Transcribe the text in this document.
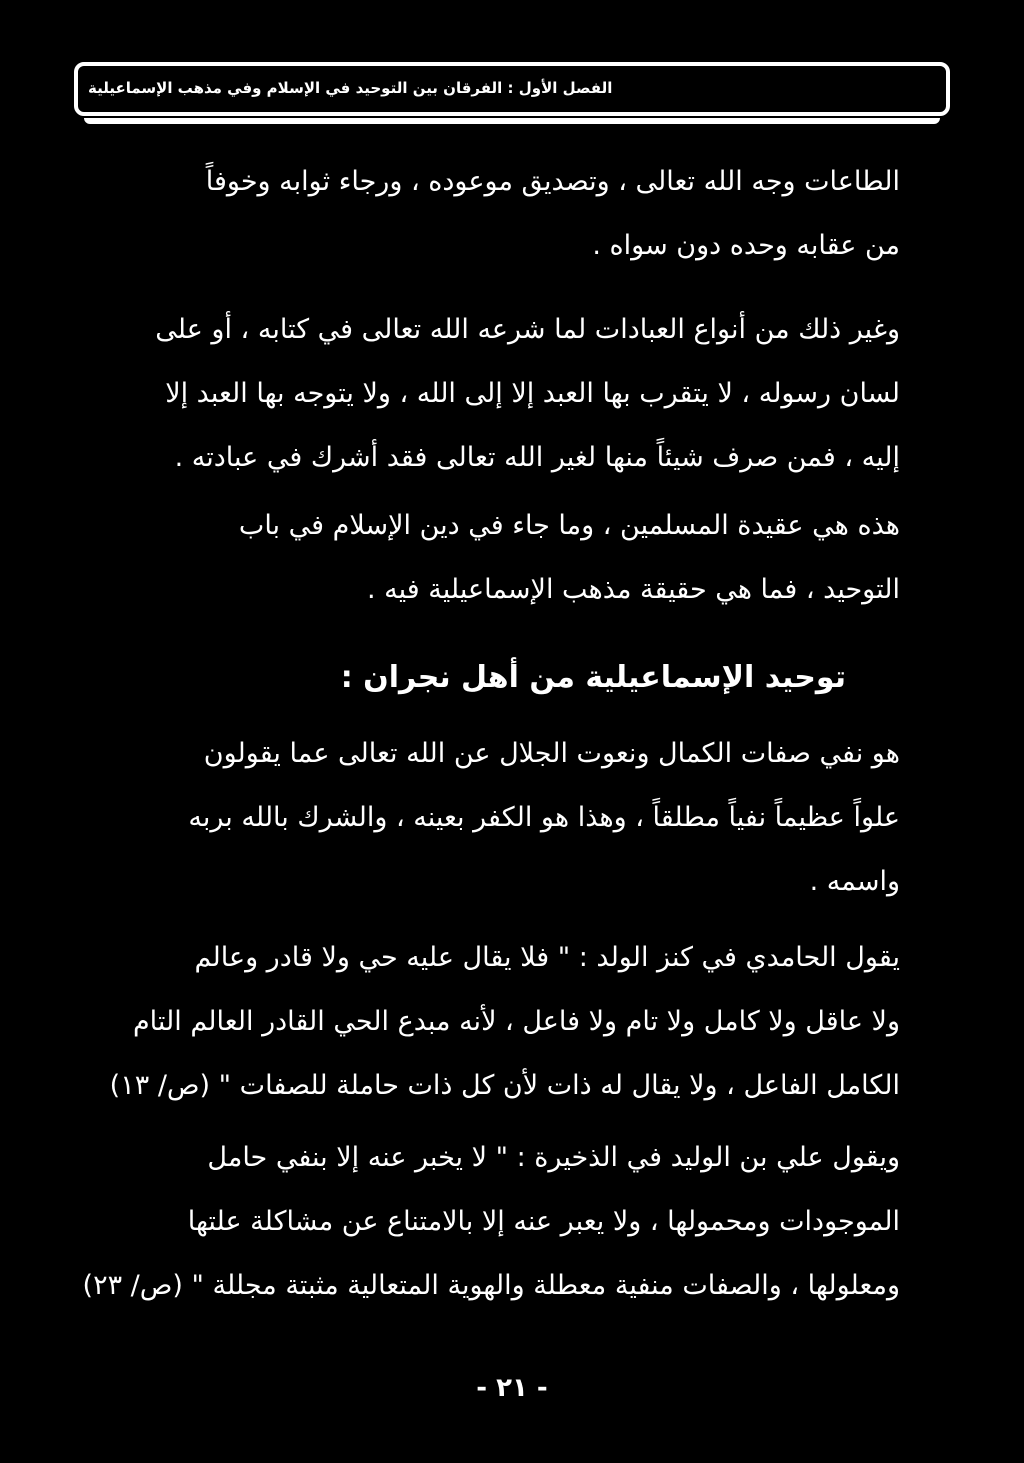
الفصل الأول : الفرقان بين التوحيد في الإسلام وفي مذهب الإسماعيلية
الطاعات وجه الله تعالى ، وتصديق موعوده ، ورجاء ثوابه وخوفاً
من عقابه وحده دون سواه .
وغير ذلك من أنواع العبادات لما شرعه الله تعالى في كتابه ، أو على
لسان رسوله ، لا يتقرب بها العبد إلا إلى الله ، ولا يتوجه بها العبد إلا
إليه ، فمن صرف شيئاً منها لغير الله تعالى فقد أشرك في عبادته .
هذه هي عقيدة المسلمين ، وما جاء في دين الإسلام في باب
التوحيد ، فما هي حقيقة مذهب الإسماعيلية فيه .
توحيد الإسماعيلية من أهل نجران :
هو نفي صفات الكمال ونعوت الجلال عن الله تعالى عما يقولون
علواً عظيماً نفياً مطلقاً ، وهذا هو الكفر بعينه ، والشرك بالله بربه
واسمه .
يقول الحامدي في كنز الولد : " فلا يقال عليه حي ولا قادر وعالم
ولا عاقل ولا كامل ولا تام ولا فاعل ، لأنه مبدع الحي القادر العالم التام
الكامل الفاعل ، ولا يقال له ذات لأن كل ذات حاملة للصفات " (ص/ ١٣)
ويقول علي بن الوليد في الذخيرة : " لا يخبر عنه إلا بنفي حامل
الموجودات ومحمولها ، ولا يعبر عنه إلا بالامتناع عن مشاكلة علتها
ومعلولها ، والصفات منفية معطلة والهوية المتعالية مثبتة مجللة " (ص/ ٢٣)
- ٢١ -
